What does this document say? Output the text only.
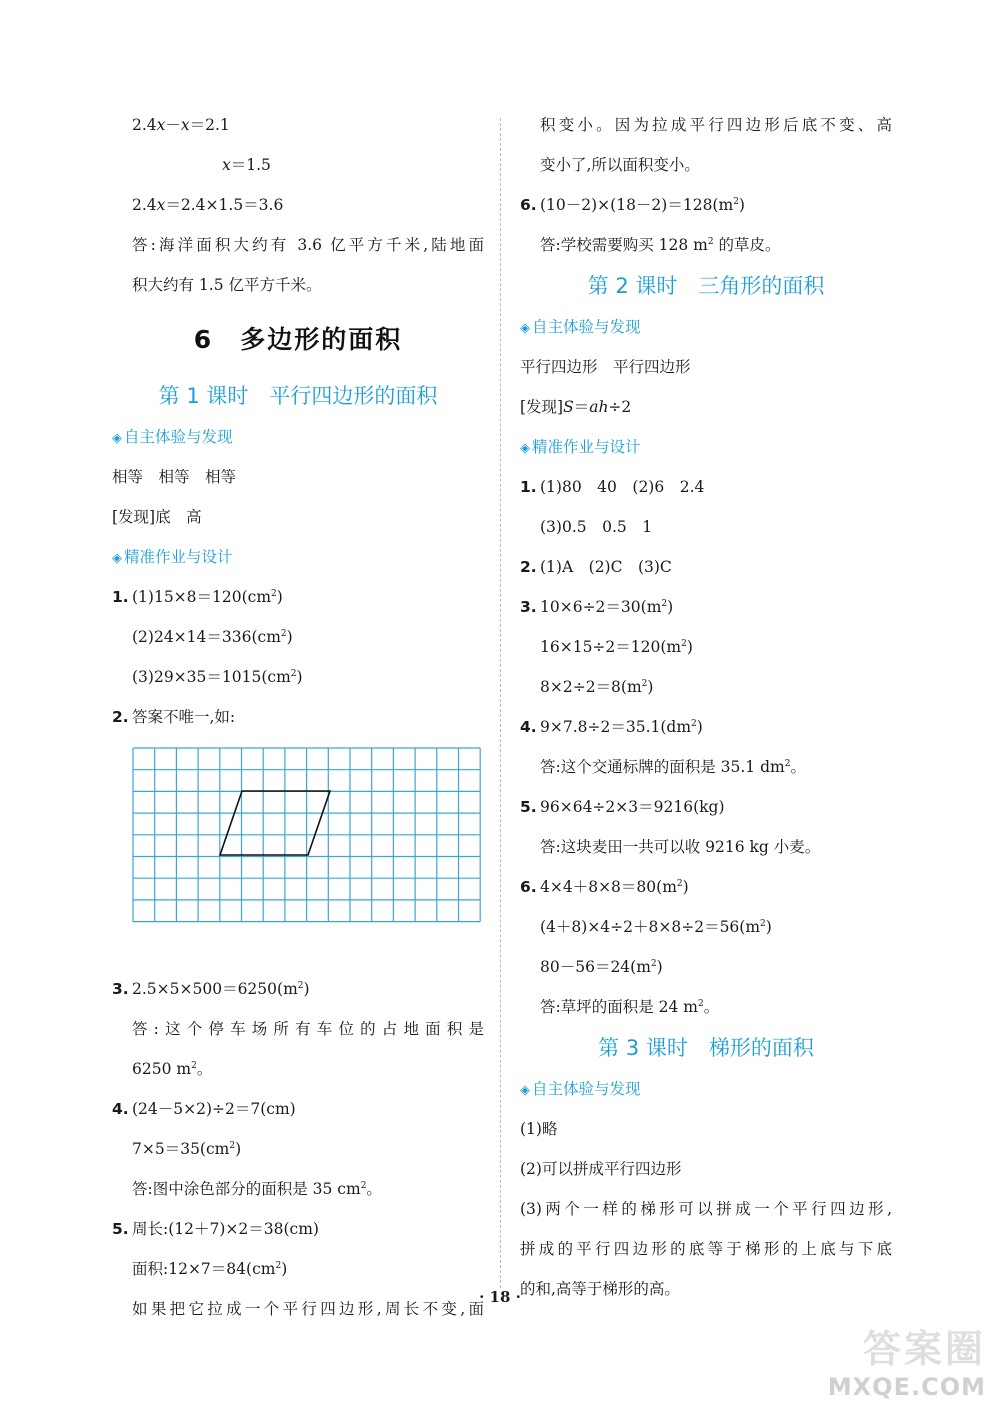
2.4𝑥－𝑥＝2.1
𝑥＝1.5
2.4𝑥＝2.4×1.5＝3.6
答:海洋面积大约有 3.6 亿平方千米,陆地面
积大约有 1.5 亿平方千米。
6　多边形的面积
第 1 课时　平行四边形的面积
◈ 自主体验与发现
相等　相等　相等
[发现]底　高
◈ 精准作业与设计
1. $(1)15\times 8=120(cm^2)$
$(2)24\times 14=336(cm^2)$
$(3)29\times 35=1015(cm^2)$
2. 答案不唯一,如:
3. $2.5\times 5\times 500=6250(m^2)$
答:这个停车场所有车位的占地面积是
6250 $m^2$。
4. (24－5×2)÷2＝7(cm)
$7\times 5=35(cm^2)$
答:图中涂色部分的面积是 35 $cm^2$。
5. 周长:(12＋7)×2＝38(cm)
面积$:12\times 7=84(cm^2)$
如果把它拉成一个平行四边形,周长不变,面
积变小。因为拉成平行四边形后底不变、高
变小了,所以面积变小。
6. $(10-2)\times(18-2)=128(m^2)$
答:学校需要购买 128 $m^2$ 的草皮。
第 2 课时　三角形的面积
◈ 自主体验与发现
平行四边形　平行四边形
[发现]𝑆＝𝑎ℎ÷2
◈ 精准作业与设计
1. (1)80　40　(2)6　2.4
(3)0.5　0.5　1
2. (1)A　(2)C　(3)C
3. $10\times 6\div 2=30(m^2)$
$16\times 15\div 2=120(m^2)$
$8\times 2\div 2=8(m^2)$
4. $9\times 7.8\div 2=35.1(dm^2)$
答:这个交通标牌的面积是 35.1 $dm^2$。
5. 96×64÷2×3＝9216(kg)
答:这块麦田一共可以收 9216 kg 小麦。
6. $4\times 4+8\times 8=80(m^2)$
$(4+8)\times 4\div 2+8\times 8\div 2=56(m^2)$
$80-56=24(m^2)$
答:草坪的面积是 24 $m^2$。
第 3 课时　梯形的面积
◈ 自主体验与发现
(1)略
(2)可以拼成平行四边形
(3)两个一样的梯形可以拼成一个平行四边形,
拼成的平行四边形的底等于梯形的上底与下底
的和,高等于梯形的高。
· 18 ·
答案圈
MXQE.COM
